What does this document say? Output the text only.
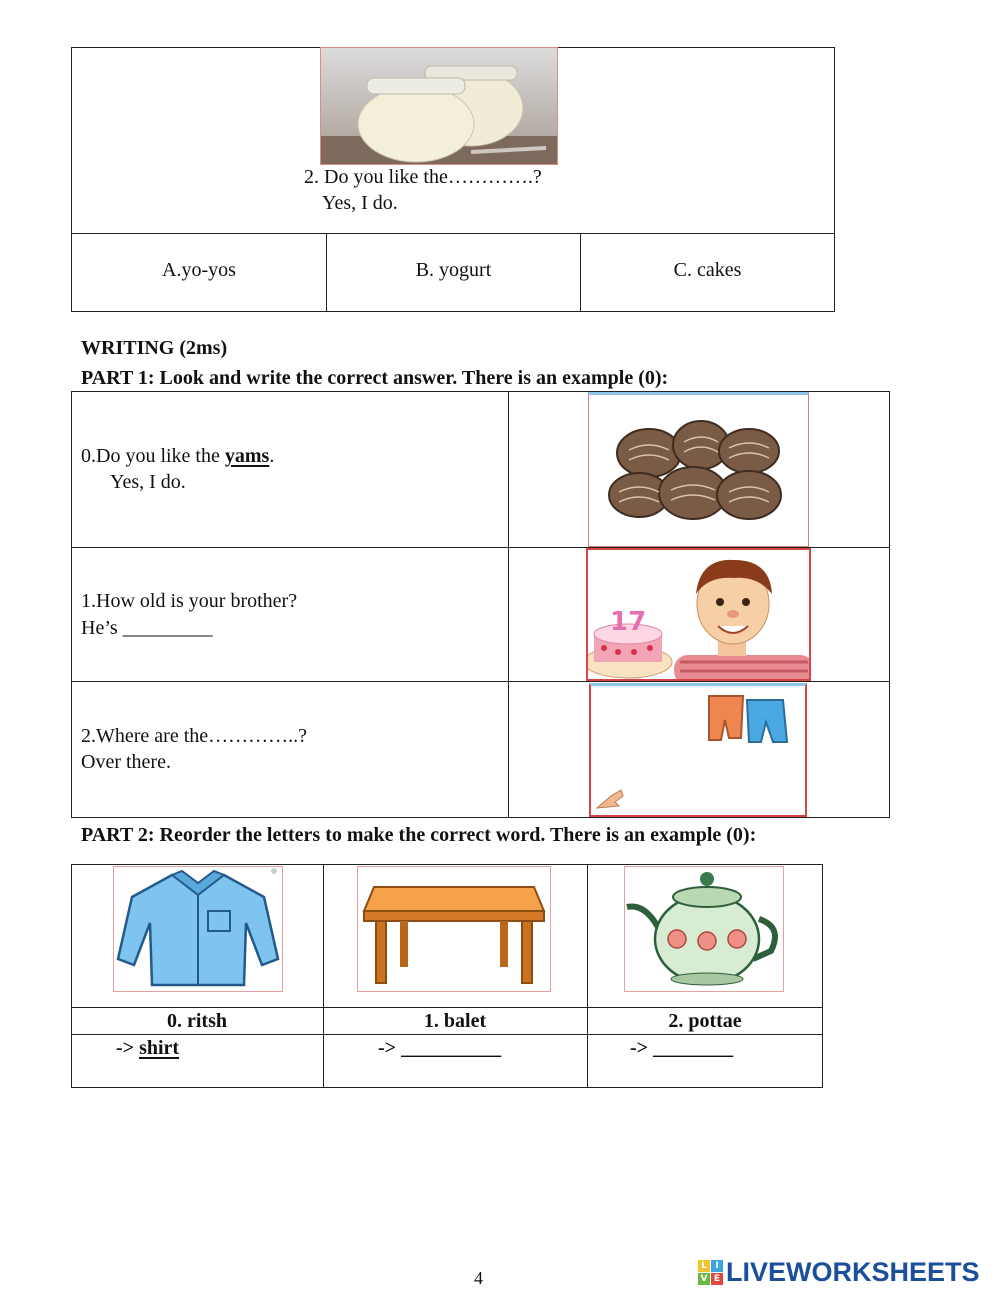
2. Do you like the………….?
Yes, I do.
A.yo-yos	B. yogurt	C. cakes
WRITING (2ms)
PART 1: Look and write the correct answer. There is an example (0):
0.Do you like the yams.
Yes, I do.
1.How old is your brother?
He’s _________	17
2.Where are the…………..?
Over there.
PART 2: Reorder the letters to make the correct word. There is an example (0):
0. ritsh	1. balet	2. pottae
-> shirt	-> __________	-> ________
4
L I
V E LIVEWORKSHEETS
